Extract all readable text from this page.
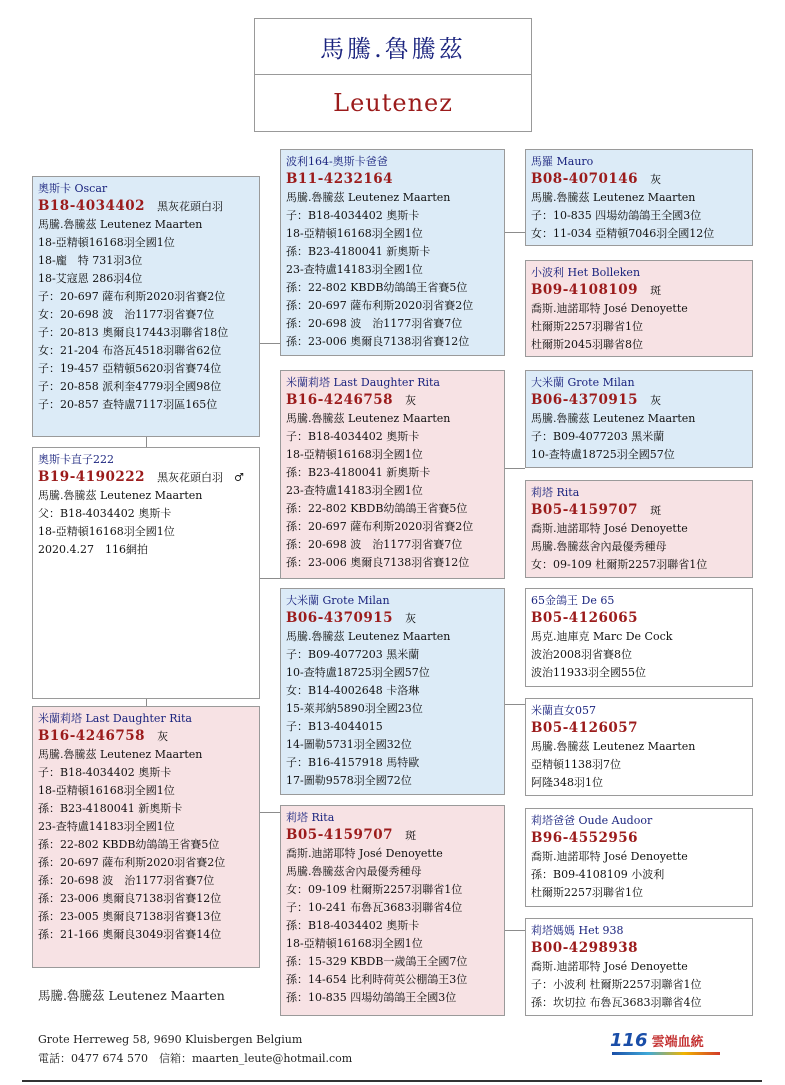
馬騰.魯騰茲
Leutenez
奧斯卡 Oscar
B18-4034402 黑灰花頭白羽
馬騰.魯騰茲 Leutenez Maarten
18-亞精頓16168羽全國1位
18-龐　特 731羽3位
18-艾寇恩 286羽4位
子：20-697 薩布利斯2020羽省賽2位
女：20-698 波　治1177羽省賽7位
子：20-813 奧爾良17443羽聯省18位
女：21-204 布洛瓦4518羽聯省62位
子：19-457 亞精頓5620羽省賽74位
子：20-858 派利奎4779羽全國98位
子：20-857 查特盧7117羽區165位
奧斯卡直子222
B19-4190222 黑灰花頭白羽　♂
馬騰.魯騰茲 Leutenez Maarten
父：B18-4034402 奧斯卡
18-亞精頓16168羽全國1位
2020.4.27　116網拍
米蘭莉塔 Last Daughter Rita
B16-4246758 灰
馬騰.魯騰茲 Leutenez Maarten
子：B18-4034402 奧斯卡
18-亞精頓16168羽全國1位
孫：B23-4180041 新奧斯卡
23-查特盧14183羽全國1位
孫：22-802 KBDB幼鴿鴿王省賽5位
孫：20-697 薩布利斯2020羽省賽2位
孫：20-698 波　治1177羽省賽7位
孫：23-006 奧爾良7138羽省賽12位
孫：23-005 奧爾良7138羽省賽13位
孫：21-166 奧爾良3049羽省賽14位
波利164-奧斯卡爸爸
B11-4232164
馬騰.魯騰茲 Leutenez Maarten
子：B18-4034402 奧斯卡
18-亞精頓16168羽全國1位
孫：B23-4180041 新奧斯卡
23-查特盧14183羽全國1位
孫：22-802 KBDB幼鴿鴿王省賽5位
孫：20-697 薩布利斯2020羽省賽2位
孫：20-698 波　治1177羽省賽7位
孫：23-006 奧爾良7138羽省賽12位
米蘭莉塔 Last Daughter Rita
B16-4246758 灰
馬騰.魯騰茲 Leutenez Maarten
子：B18-4034402 奧斯卡
18-亞精頓16168羽全國1位
孫：B23-4180041 新奧斯卡
23-查特盧14183羽全國1位
孫：22-802 KBDB幼鴿鴿王省賽5位
孫：20-697 薩布利斯2020羽省賽2位
孫：20-698 波　治1177羽省賽7位
孫：23-006 奧爾良7138羽省賽12位
大米蘭 Grote Milan
B06-4370915 灰
馬騰.魯騰茲 Leutenez Maarten
子：B09-4077203 黑米蘭
10-查特盧18725羽全國57位
女：B14-4002648 卡洛琳
15-萊邦納5890羽全國23位
子：B13-4044015
14-圖勒5731羽全國32位
子：B16-4157918 馬特歐
17-圖勒9578羽全國72位
莉塔 Rita
B05-4159707 斑
喬斯.迪諾耶特 José Denoyette
馬騰.魯騰茲舍內最優秀種母
女：09-109 杜爾斯2257羽聯省1位
子：10-241 布魯瓦3683羽聯省4位
孫：B18-4034402 奧斯卡
18-亞精頓16168羽全國1位
孫：15-329 KBDB一歲鴿王全國7位
孫：14-654 比利時荷英公棚鴿王3位
孫：10-835 四場幼鴿鴿王全國3位
馬羅 Mauro
B08-4070146 灰
馬騰.魯騰茲 Leutenez Maarten
子：10-835 四場幼鴿鴿王全國3位
女：11-034 亞精頓7046羽全國12位
小波利 Het Bolleken
B09-4108109 斑
喬斯.迪諾耶特 José Denoyette
杜爾斯2257羽聯省1位
杜爾斯2045羽聯省8位
大米蘭 Grote Milan
B06-4370915 灰
馬騰.魯騰茲 Leutenez Maarten
子：B09-4077203 黑米蘭
10-查特盧18725羽全國57位
莉塔 Rita
B05-4159707 斑
喬斯.迪諾耶特 José Denoyette
馬騰.魯騰茲舍內最優秀種母
女：09-109 杜爾斯2257羽聯省1位
65金鴿王 De 65
B05-4126065
馬克.迪庫克 Marc De Cock
波治2008羽省賽8位
波治11933羽全國55位
米蘭直女057
B05-4126057
馬騰.魯騰茲 Leutenez Maarten
亞精頓1138羽7位
阿隆348羽1位
莉塔爸爸 Oude Audoor
B96-4552956
喬斯.迪諾耶特 José Denoyette
孫：B09-4108109 小波利
杜爾斯2257羽聯省1位
莉塔媽媽 Het 938
B00-4298938
喬斯.迪諾耶特 José Denoyette
子：小波利 杜爾斯2257羽聯省1位
孫：坎切拉 布魯瓦3683羽聯省4位
馬騰.魯騰茲 Leutenez Maarten
Grote Herreweg 58, 9690 Kluisbergen Belgium
電話：0477 674 570　信箱：maarten_leute@hotmail.com
116 雲端血統
